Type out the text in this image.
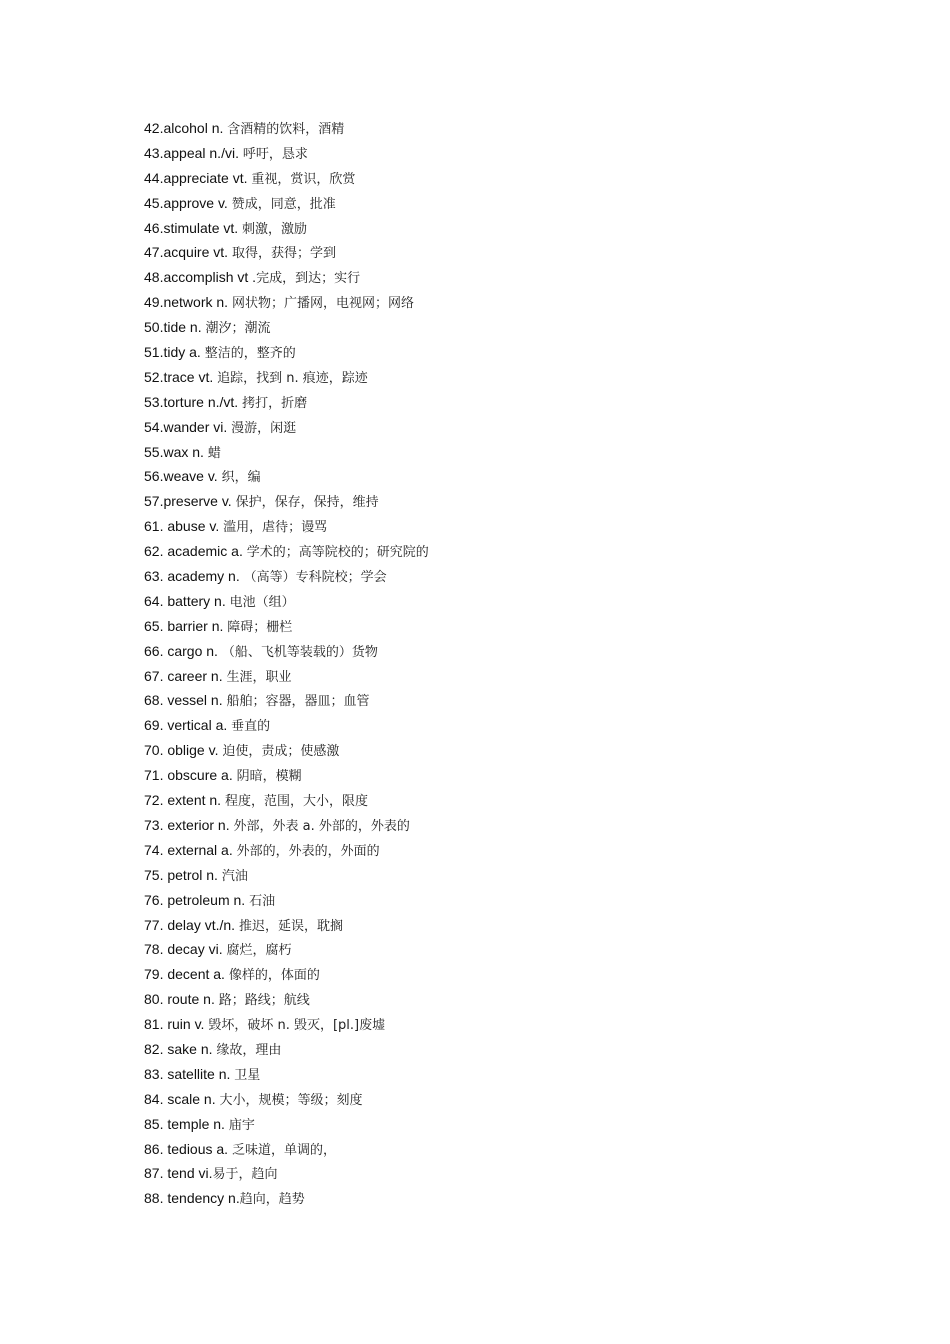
42.alcohol n. 含酒精的饮料，酒精
43.appeal n./vi. 呼吁，恳求
44.appreciate vt. 重视，赏识，欣赏
45.approve v. 赞成，同意，批准
46.stimulate vt. 刺激，激励
47.acquire vt. 取得，获得；学到
48.accomplish vt .完成，到达；实行
49.network n. 网状物；广播网，电视网；网络
50.tide n. 潮汐；潮流
51.tidy a. 整洁的，整齐的
52.trace vt. 追踪，找到 n. 痕迹，踪迹
53.torture n./vt. 拷打，折磨
54.wander vi. 漫游，闲逛
55.wax n. 蜡
56.weave v. 织，编
57.preserve v. 保护，保存，保持，维持
61. abuse v. 滥用，虐待；谩骂
62. academic a. 学术的；高等院校的；研究院的
63. academy n. （高等）专科院校；学会
64. battery n. 电池（组）
65. barrier n. 障碍；栅栏
66. cargo n. （船、飞机等装载的）货物
67. career n. 生涯，职业
68. vessel n. 船舶；容器，器皿；血管
69. vertical a. 垂直的
70. oblige v. 迫使，责成；使感激
71. obscure a. 阴暗，模糊
72. extent n. 程度，范围，大小，限度
73. exterior n. 外部，外表 a. 外部的，外表的
74. external a. 外部的，外表的，外面的
75. petrol n. 汽油
76. petroleum n. 石油
77. delay vt./n. 推迟，延误，耽搁
78. decay vi. 腐烂，腐朽
79. decent a. 像样的，体面的
80. route n. 路；路线；航线
81. ruin v. 毁坏，破坏 n. 毁灭，[pl.]废墟
82. sake n. 缘故，理由
83. satellite n. 卫星
84. scale n. 大小，规模；等级；刻度
85. temple n. 庙宇
86. tedious a. 乏味道，单调的，
87. tend vi.易于，趋向
88. tendency n.趋向，趋势
